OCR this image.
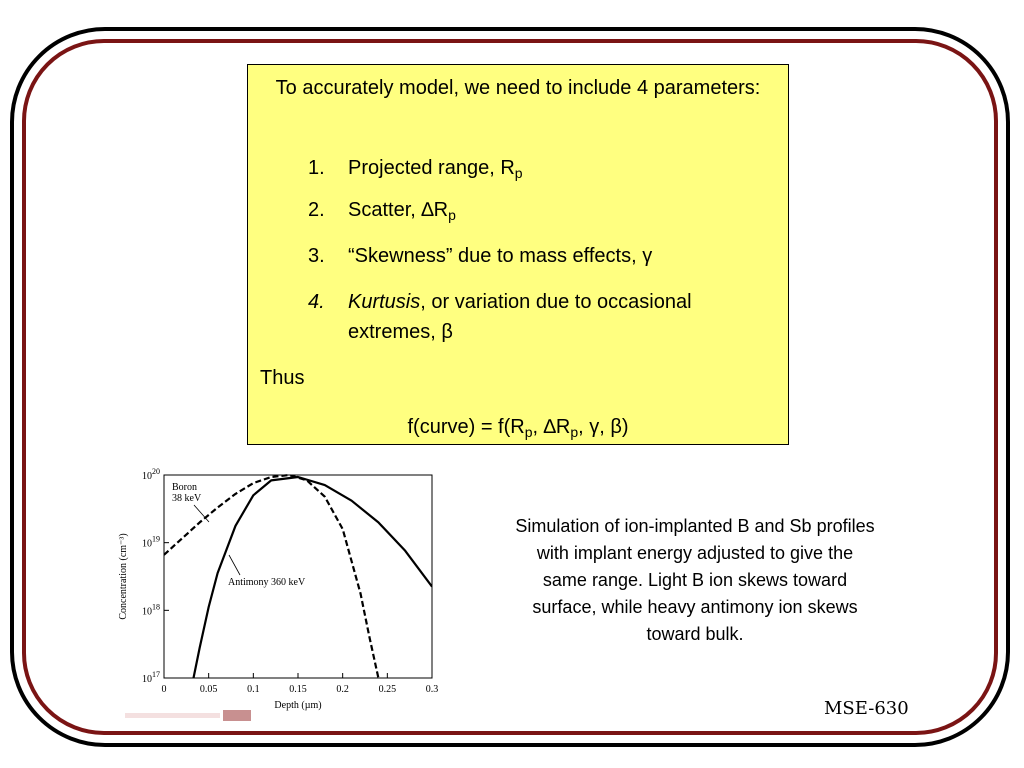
To accurately model, we need to include 4 parameters:
1.	Projected range, $R_p$
2.	Scatter, $\Delta R_p$
3.	“Skewness” due to mass effects, γ
4.	Kurtusis, or variation due to occasional extremes, β
Thus
f(curve) = $f(R_p$, $\Delta R_p$, γ, β)
0	0.05	0.1	0.15	0.2	0.25	0.3
$10^{17}$
$10^{18}$
$10^{19}$
$10^{20}$
Depth (µm)
Concentration (cm⁻³)
Boron 38 keV
Antimony 360 keV
Simulation of ion-implanted B and Sb profiles with implant energy adjusted to give the same range. Light B ion skews toward surface, while heavy antimony ion skews toward bulk.
MSE-630
